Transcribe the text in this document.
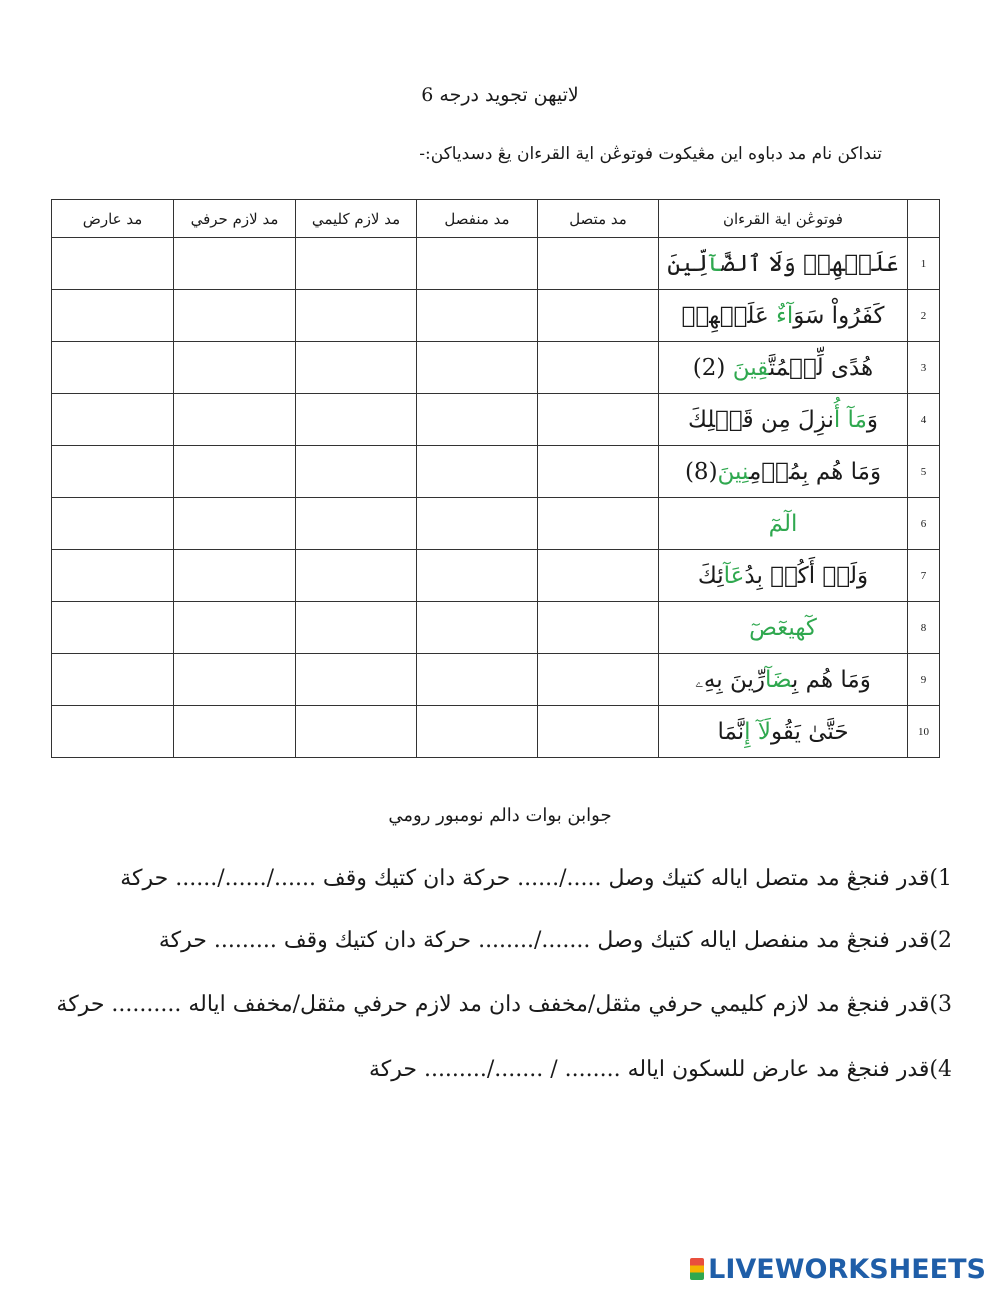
لاتيهن تجويد درجه 6
تنداكن نام مد دباوه اين مڠيكوت فوتوڠن اية القرءان يڠ دسدياكن:-
	فوتوڠن اية القرءان	مد متصل	مد منفصل	مد لازم كليمي	مد لازم حرفي	مد عارض
1	عَلَيۡهِمۡ وَلَا ٱلضَّآلِّينَ					
2	كَفَرُواْ سَوَآءٌ عَلَيۡهِمۡ					
3	هُدًى لِّلۡمُتَّقِينَ (2)					
4	وَمَآ أُنزِلَ مِن قَبۡلِكَ					
5	وَمَا هُم بِمُؤۡمِنِينَ(8)					
6	الٓمٓ					
7	وَلَمۡ أَكُنۢ بِدُعَآئِكَ					
8	كٓهيعٓصٓ					
9	وَمَا هُم بِضَآرِّينَ بِهِۦ					
10	حَتَّىٰ يَقُولَآ إِنَّمَا					
جوابن بوات دالم نومبور رومي
1)قدر فنجڠ مد متصل اياله كتيك وصل ...../...... حركة دان كتيك وقف ....../....../...... حركة
2)قدر فنجڠ مد منفصل اياله كتيك وصل ......./........ حركة دان كتيك وقف ......... حركة
3)قدر فنجڠ مد لازم كليمي حرفي مثقل/مخفف دان مد لازم حرفي مثقل/مخفف اياله .......... حركة
4)قدر فنجڠ مد عارض للسكون اياله ........ / ......./......... حركة
LIVEWORKSHEETS
